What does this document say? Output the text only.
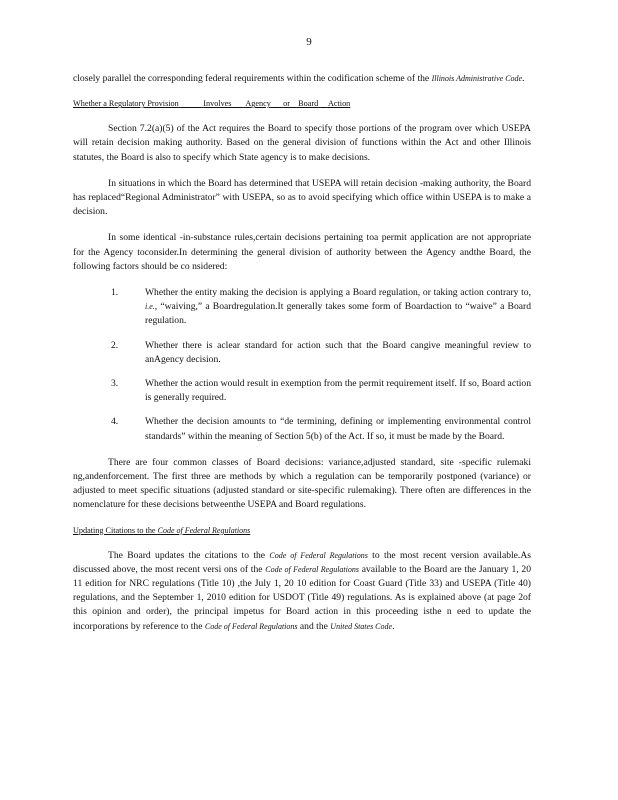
9

closely parallel the corresponding federal requirements within the codification scheme of the Illinois Administrative Code.

Whether a Regulatory Provision	Involves Agency or Board Action

Section 7.2(a)(5) of the Act requires the Board to specify those portions of the program over which USEPA will retain decision making authority. Based on the general division of functions within the Act and other Illinois statutes, the Board is also to specify which State agency is to make decisions.

In situations in which the Board has determined that USEPA will retain decision -making authority, the Board has replaced“Regional Administrator” with USEPA, so as to avoid specifying which office within USEPA is to make a decision.

In some identical -in-substance rules,certain decisions pertaining toa permit application are not appropriate for the Agency toconsider.In determining the general division of authority between the Agency andthe Board, the following factors should be co nsidered:

1.	Whether the entity making the decision is applying a Board regulation, or taking action contrary to, i.e., “waiving,” a Boardregulation.It generally takes some form of Boardaction to “waive” a Board regulation.
2.	Whether there is aclear standard for action such that the Board cangive meaningful review to anAgency decision.
3.	Whether the action would result in exemption from the permit requirement itself. If so, Board action is generally required.
4.	Whether the decision amounts to “de termining, defining or implementing environmental control standards” within the meaning of Section 5(b) of the Act. If so, it must be made by the Board.

There are four common classes of Board decisions: variance,adjusted standard, site -specific rulemaki ng,andenforcement. The first three are methods by which a regulation can be temporarily postponed (variance) or adjusted to meet specific situations (adjusted standard or site-specific rulemaking). There often are differences in the nomenclature for these decisions betweenthe USEPA and Board regulations.

Updating Citations to the Code of Federal Regulations

The Board updates the citations to the Code of Federal Regulations to the most recent version available.As discussed above, the most recent versi ons of the Code of Federal Regulations available to the Board are the January 1, 20 11 edition for NRC regulations (Title 10) ,the July 1, 20 10 edition for Coast Guard (Title 33) and USEPA (Title 40) regulations, and the September 1, 2010 edition for USDOT (Title 49) regulations. As is explained above (at page 2of this opinion and order), the principal impetus for Board action in this proceeding isthe n eed to update the incorporations by reference to the Code of Federal Regulations and the United States Code.
